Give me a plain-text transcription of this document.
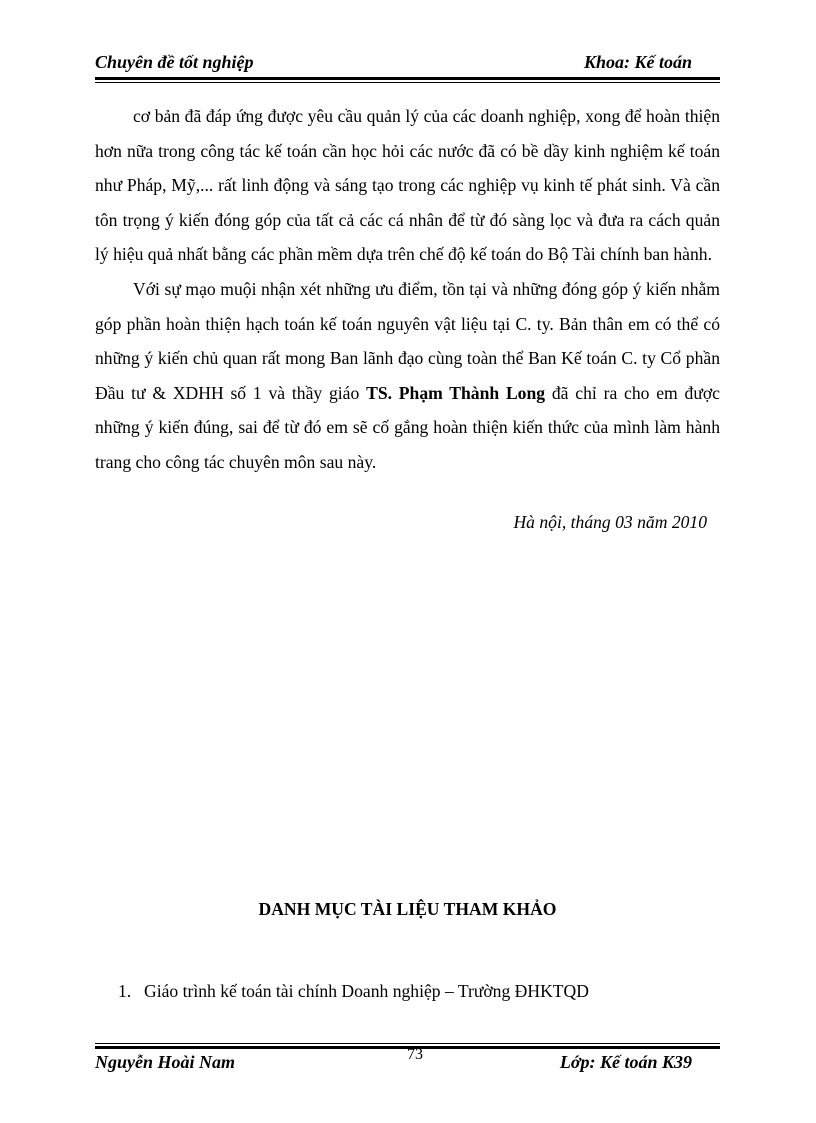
Chuyên đề tốt nghiệp	Khoa: Kế toán

cơ bản đã đáp ứng được yêu cầu quản lý của các doanh nghiệp, xong để hoàn thiện hơn nữa trong công tác kế toán cần học hỏi các nước đã có bề dầy kinh nghiệm kế toán như Pháp, Mỹ,... rất linh động và sáng tạo trong các nghiệp vụ kinh tế phát sinh. Và cần tôn trọng ý kiến đóng góp của tất cả các cá nhân để từ đó sàng lọc và đưa ra cách quản lý hiệu quả nhất bằng các phần mềm dựa trên chế độ kế toán do Bộ Tài chính ban hành.

Với sự mạo muội nhận xét những ưu điểm, tồn tại và những đóng góp ý kiến nhằm góp phần hoàn thiện hạch toán kế toán nguyên vật liệu tại C. ty. Bản thân em có thể có những ý kiến chủ quan rất mong Ban lãnh đạo cùng toàn thể Ban Kế toán C. ty Cổ phần Đầu tư & XDHH số 1 và thầy giáo TS. Phạm Thành Long đã chỉ ra cho em được những ý kiến đúng, sai để từ đó em sẽ cố gắng hoàn thiện kiến thức của mình làm hành trang cho công tác chuyên môn sau này.

Hà nội, tháng 03 năm 2010
DANH MỤC TÀI LIỆU THAM KHẢO
1. Giáo trình kế toán tài chính Doanh nghiệp – Trường ĐHKTQD
Nguyễn Hoài Nam	73	Lớp: Kế toán K39
